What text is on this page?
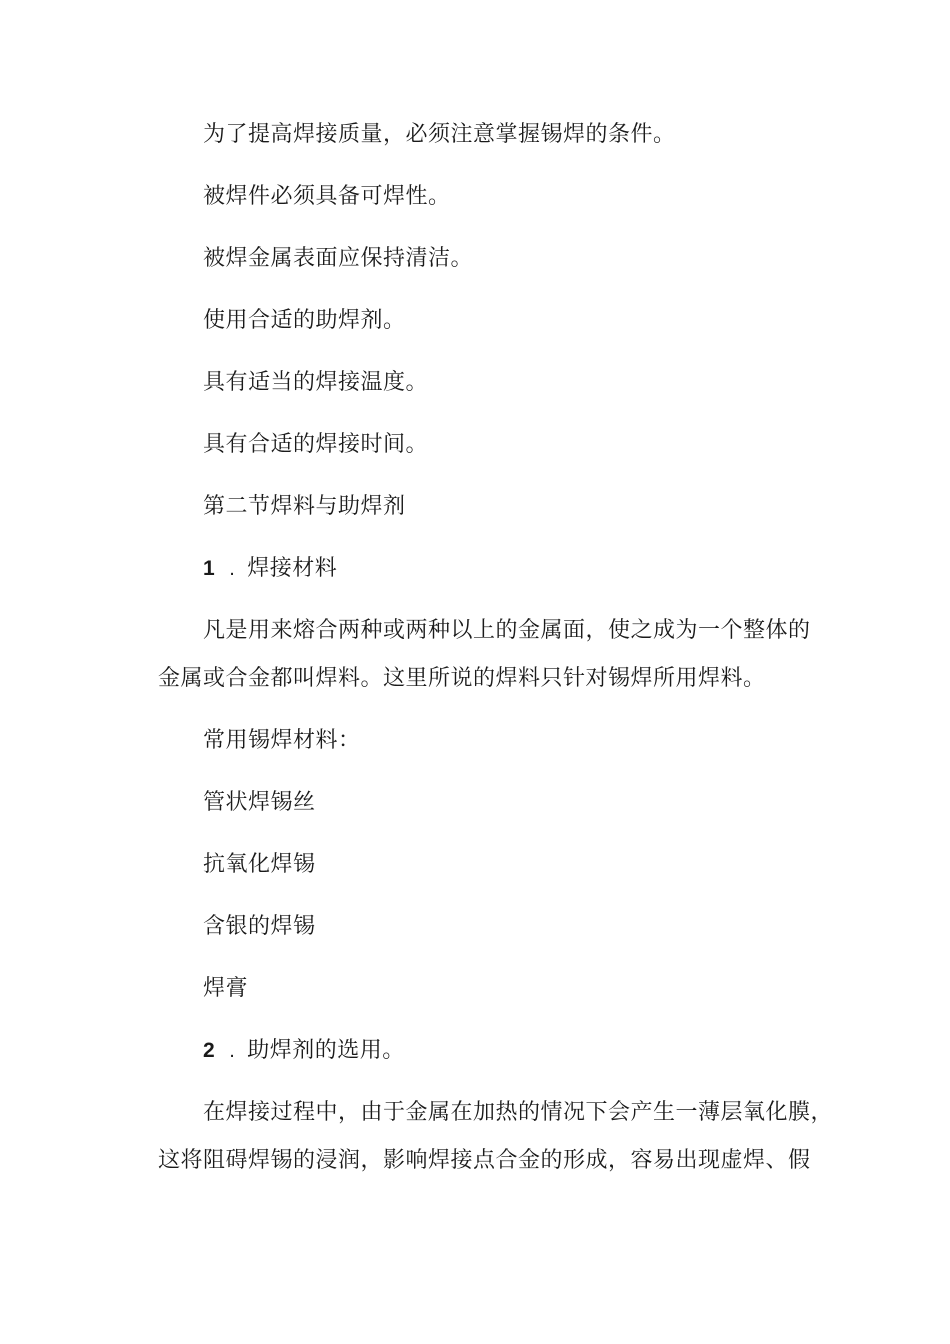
为了提高焊接质量，必须注意掌握锡焊的条件。
被焊件必须具备可焊性。
被焊金属表面应保持清洁。
使用合适的助焊剂。
具有适当的焊接温度。
具有合适的焊接时间。
第二节焊料与助焊剂
1 . 焊接材料
凡是用来熔合两种或两种以上的金属面，使之成为一个整体的
金属或合金都叫焊料。这里所说的焊料只针对锡焊所用焊料。
常用锡焊材料：
管状焊锡丝
抗氧化焊锡
含银的焊锡
焊膏
2 . 助焊剂的选用。
在焊接过程中，由于金属在加热的情况下会产生一薄层氧化膜，
这将阻碍焊锡的浸润，影响焊接点合金的形成，容易出现虚焊、假
